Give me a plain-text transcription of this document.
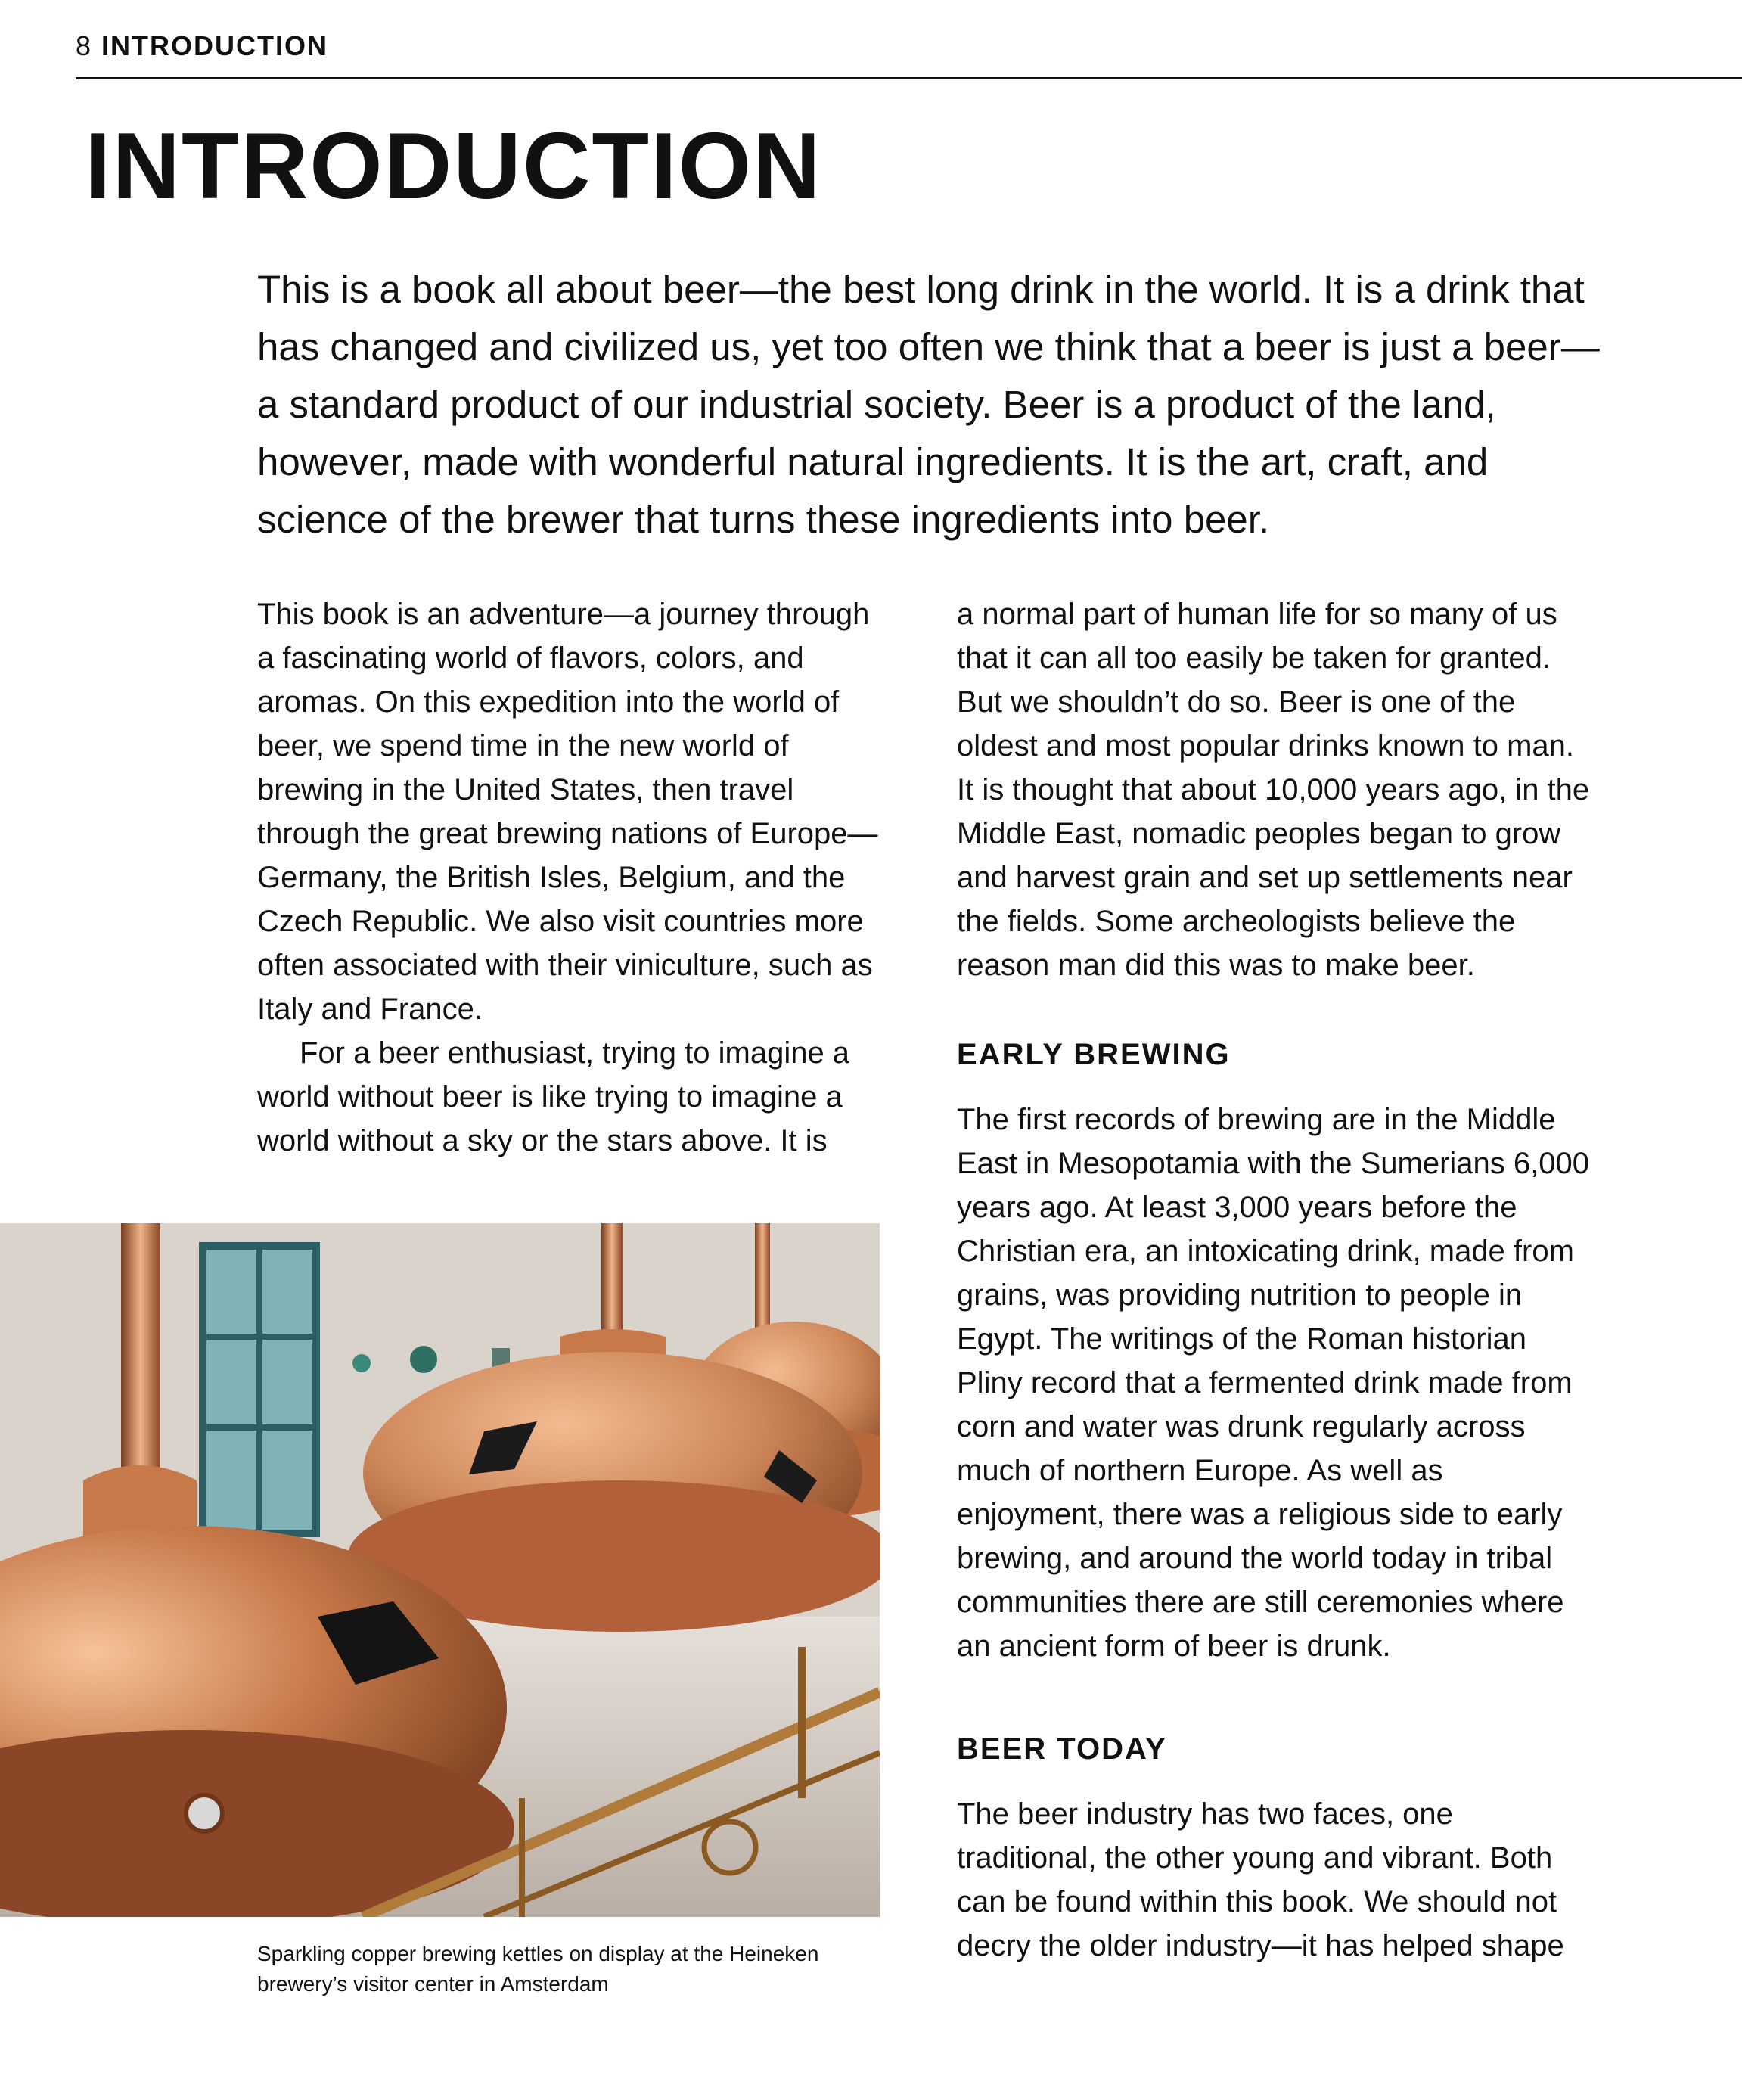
8 INTRODUCTION
INTRODUCTION

This is a book all about beer—the best long drink in the world. It is a drink that has changed and civilized us, yet too often we think that a beer is just a beer—a standard product of our industrial society. Beer is a product of the land, however, made with wonderful natural ingredients. It is the art, craft, and science of the brewer that turns these ingredients into beer.

This book is an adventure—a journey through a fascinating world of flavors, colors, and aromas. On this expedition into the world of beer, we spend time in the new world of brewing in the United States, then travel through the great brewing nations of Europe—Germany, the British Isles, Belgium, and the Czech Republic. We also visit countries more often associated with their viniculture, such as Italy and France.

For a beer enthusiast, trying to imagine a world without beer is like trying to imagine a world without a sky or the stars above. It is

a normal part of human life for so many of us that it can all too easily be taken for granted. But we shouldn’t do so. Beer is one of the oldest and most popular drinks known to man. It is thought that about 10,000 years ago, in the Middle East, nomadic peoples began to grow and harvest grain and set up settlements near the fields. Some archeologists believe the reason man did this was to make beer.

EARLY BREWING

The first records of brewing are in the Middle East in Mesopotamia with the Sumerians 6,000 years ago. At least 3,000 years before the Christian era, an intoxicating drink, made from grains, was providing nutrition to people in Egypt. The writings of the Roman historian Pliny record that a fermented drink made from corn and water was drunk regularly across much of northern Europe. As well as enjoyment, there was a religious side to early brewing, and around the world today in tribal communities there are still ceremonies where an ancient form of beer is drunk.

BEER TODAY

The beer industry has two faces, one traditional, the other young and vibrant. Both can be found within this book. We should not decry the older industry—it has helped shape

Sparkling copper brewing kettles on display at the Heineken brewery’s visitor center in Amsterdam
